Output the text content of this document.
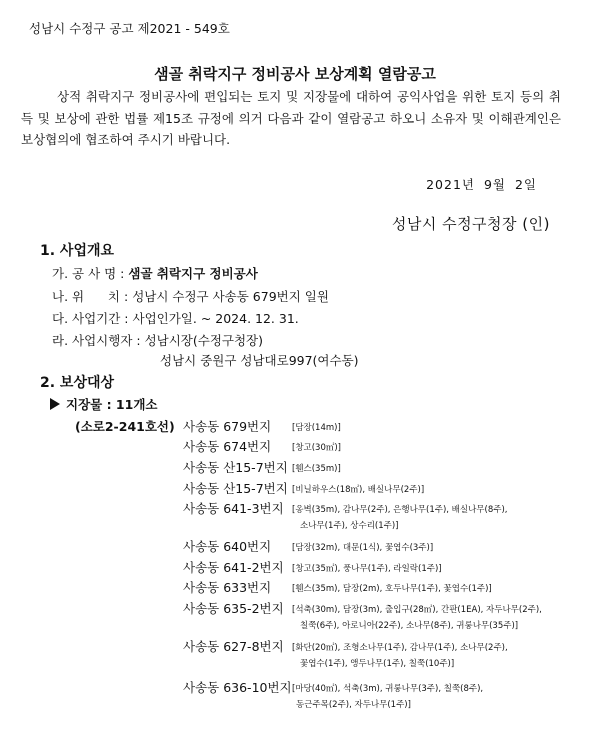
성남시 수정구 공고 제2021 - 549호
샘골 취락지구 정비공사 보상계획 열람공고
상적 취락지구 정비공사에 편입되는 토지 및 지장물에 대하여 공익사업을 위한 토지 등의 취득 및 보상에 관한 법률 제15조 규정에 의거 다음과 같이 열람공고 하오니 소유자 및 이해관계인은 보상협의에 협조하여 주시기 바랍니다.
2021년 9월 2일
성남시 수정구청장 (인)
1. 사업개요
가. 공 사 명 : 샘골 취락지구 정비공사
나. 위      치 : 성남시 수정구 사송동 679번지 일원
다. 사업기간 : 사업인가일. ~ 2024. 12. 31.
라. 사업시행자 : 성남시장(수정구청장)
성남시 중원구 성남대로997(여수동)
2. 보상대상
지장물 : 11개소
(소로2-241호선) 사송동 679번지 [담장(14m)]
사송동 674번지 [창고(30㎡)]
사송동 산15-7번지 [휀스(35m)]
사송동 산15-7번지 [비닐하우스(18㎡), 배실나무(2주)]
사송동 641-3번지 [옹벽(35m), 감나무(2주), 은행나무(1주), 배실나무(8주),
소나무(1주), 상수리(1주)]
사송동 640번지 [담장(32m), 대문(1식), 꽃엽수(3주)]
사송동 641-2번지 [창고(35㎡), 풍나무(1주), 라일락(1주)]
사송동 633번지 [휀스(35m), 담장(2m), 호두나무(1주), 꽃엽수(1주)]
사송동 635-2번지 [석축(30m), 담장(3m), 출입구(28㎡), 간판(1EA), 자두나무(2주),
칠쭉(6주), 아로니아(22주), 소나무(8주), 귀룽나무(35주)]
사송동 627-8번지 [화단(20㎡), 조형소나무(1주), 감나무(1주), 소나무(2주),
꽃엽수(1주), 앵두나무(1주), 칠쭉(10주)]
사송동 636-10번지 [마당(40㎡), 석축(3m), 귀룽나무(3주), 칠쭉(8주),
동근주목(2주), 자두나무(1주)]
